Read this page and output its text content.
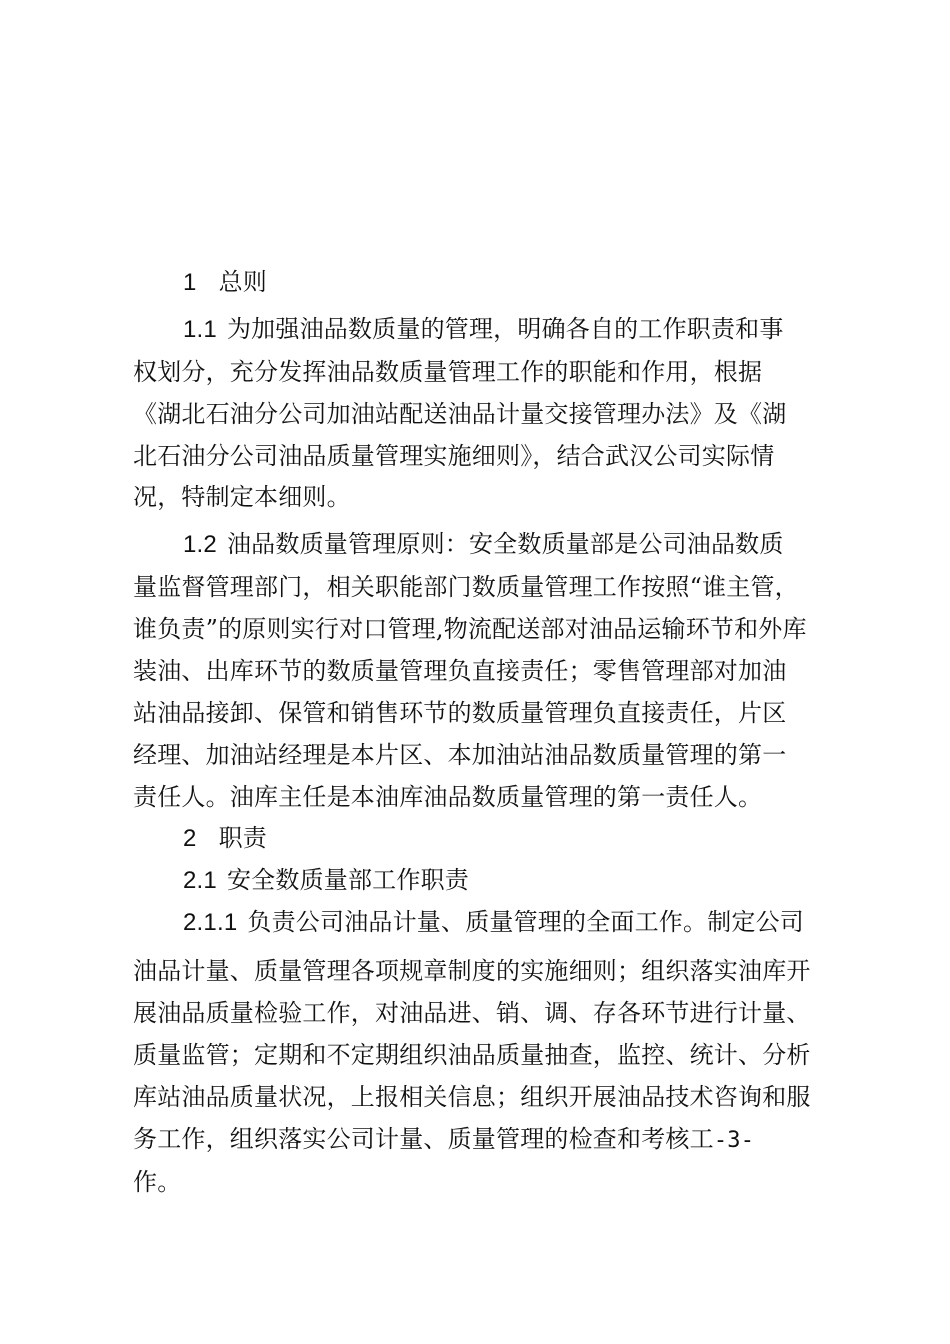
1 总则
1.1 为加强油品数质量的管理，明确各自的工作职责和事
权划分，充分发挥油品数质量管理工作的职能和作用，根据
《湖北石油分公司加油站配送油品计量交接管理办法》及《湖
北石油分公司油品质量管理实施细则》，结合武汉公司实际情
况，特制定本细则。
1.2 油品数质量管理原则：安全数质量部是公司油品数质
量监督管理部门，相关职能部门数质量管理工作按照“谁主管，
谁负责”的原则实行对口管理,物流配送部对油品运输环节和外库
装油、出库环节的数质量管理负直接责任；零售管理部对加油
站油品接卸、保管和销售环节的数质量管理负直接责任，片区
经理、加油站经理是本片区、本加油站油品数质量管理的第一
责任人。油库主任是本油库油品数质量管理的第一责任人。
2 职责
2.1 安全数质量部工作职责
2.1.1 负责公司油品计量、质量管理的全面工作。制定公司
油品计量、质量管理各项规章制度的实施细则；组织落实油库开
展油品质量检验工作，对油品进、销、调、存各环节进行计量、
质量监管；定期和不定期组织油品质量抽查，监控、统计、分析
库站油品质量状况，上报相关信息；组织开展油品技术咨询和服
务工作，组织落实公司计量、质量管理的检查和考核工-3-
作。
